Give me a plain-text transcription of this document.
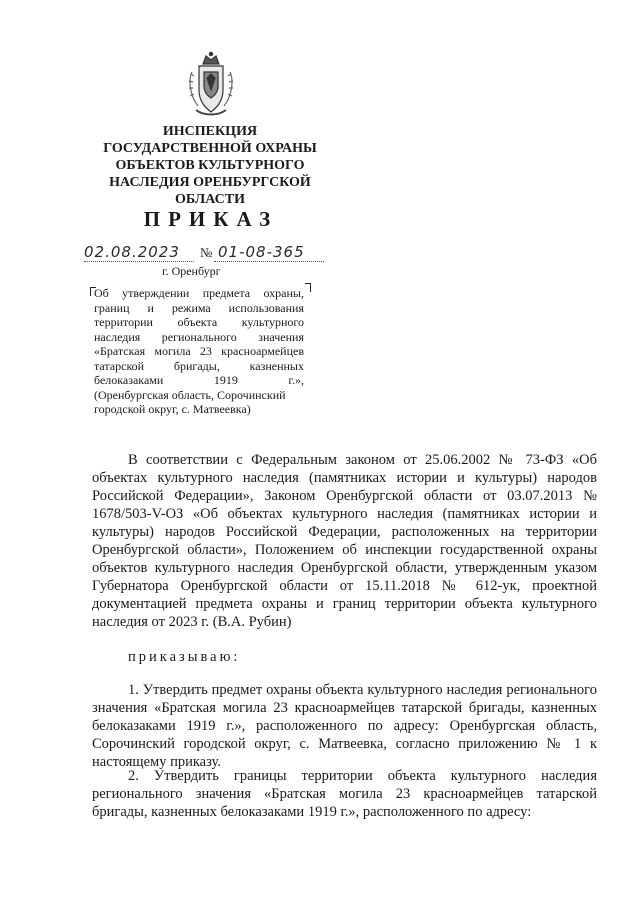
ИНСПЕКЦИЯ
ГОСУДАРСТВЕННОЙ ОХРАНЫ
ОБЪЕКТОВ КУЛЬТУРНОГО
НАСЛЕДИЯ ОРЕНБУРГСКОЙ
ОБЛАСТИ
ПРИКАЗ
02.08.2023 № 01-08-365
г. Оренбург
Об утверждении предмета охраны,
границ и режима использования
территории объекта культурного
наследия регионального значения
«Братская могила 23 красноармейцев
татарской бригады, казненных
белоказаками 1919 г.»,
(Оренбургская область, Сорочинский
городской округ, с. Матвеевка)

В соответствии с Федеральным законом от 25.06.2002 № 73-ФЗ «Об объектах культурного наследия (памятниках истории и культуры) народов Российской Федерации», Законом Оренбургской области от 03.07.2013 № 1678/503-V-ОЗ «Об объектах культурного наследия (памятниках истории и культуры) народов Российской Федерации, расположенных на территории Оренбургской области», Положением об инспекции государственной охраны объектов культурного наследия Оренбургской области, утвержденным указом Губернатора Оренбургской области от 15.11.2018 № 612-ук, проектной документацией предмета охраны и границ территории объекта культурного наследия от 2023 г. (В.А. Рубин)

приказываю:

1. Утвердить предмет охраны объекта культурного наследия регионального значения «Братская могила 23 красноармейцев татарской бригады, казненных белоказаками 1919 г.», расположенного по адресу: Оренбургская область, Сорочинский городской округ, с. Матвеевка, согласно приложению № 1 к настоящему приказу.

2. Утвердить границы территории объекта культурного наследия регионального значения «Братская могила 23 красноармейцев татарской бригады, казненных белоказаками 1919 г.», расположенного по адресу:
